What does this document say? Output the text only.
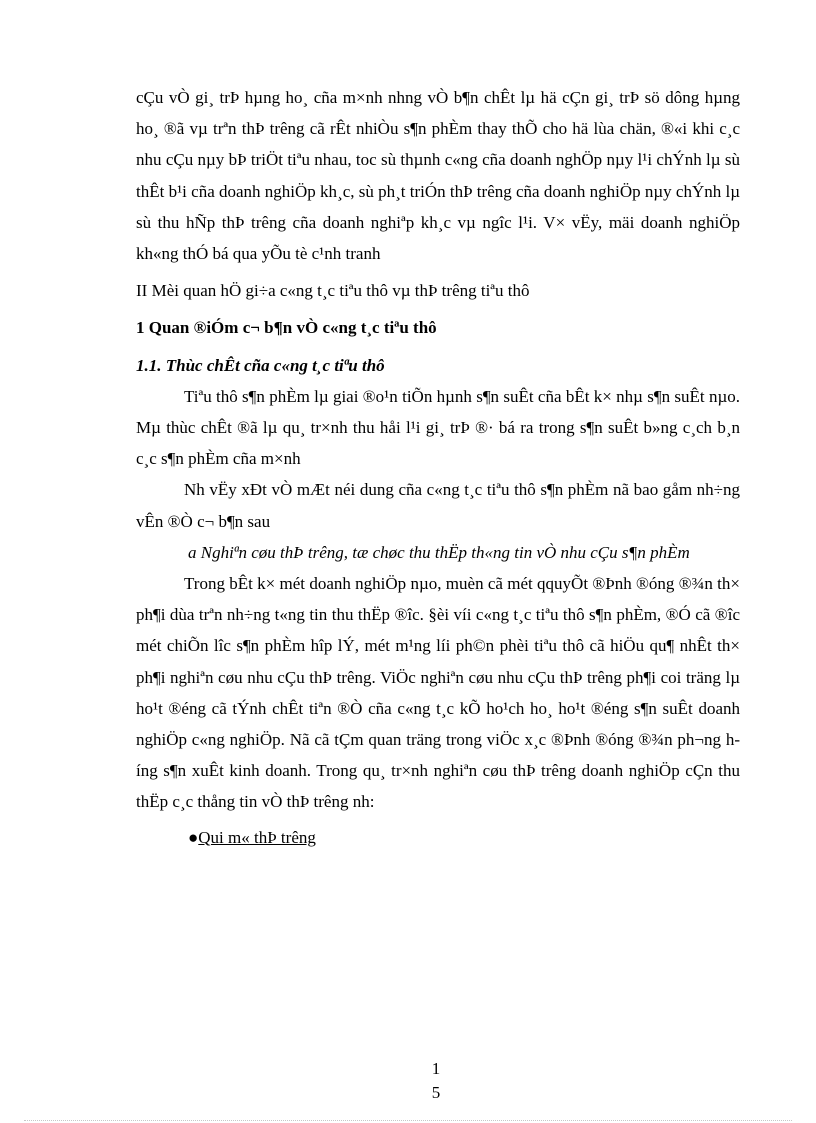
cÇu vÒ gi¸ trÞ hµng ho¸ cña m×nh nhng vÒ b¶n chÊt lµ hä cÇn gi¸ trÞ sö dông hµng ho¸ ®ã vµ trªn thÞ trêng cã rÊt nhiÒu s¶n phÈm thay thÕ cho hä lùa chän, ®«i khi c¸c nhu cÇu nµy bÞ triÖt tiªu nhau, toc sù thµnh c«ng cña doanh nghÖp nµy l¹i chÝnh lµ sù thÊt b¹i cña doanh nghiÖp kh¸c, sù ph¸t triÓn thÞ trêng cña doanh nghiÖp nµy chÝnh lµ sù thu hÑp thÞ trêng cña doanh nghiªp kh¸c vµ ngîc l¹i. V× vËy, mäi doanh nghiÖp kh«ng thÓ bá qua yÕu tè c¹nh tranh

II Mèi quan hÖ gi÷a c«ng t¸c tiªu thô vµ thÞ trêng tiªu thô

1 Quan ®iÓm c¬ b¶n vÒ c«ng t¸c tiªu thô

1.1. Thùc chÊt cña c«ng t¸c tiªu thô

Tiªu thô s¶n phÈm lµ giai ®o¹n tiÕn hµnh s¶n suÊt cña bÊt k× nhµ s¶n suÊt nµo. Mµ thùc chÊt ®ã lµ qu¸ tr×nh thu håi l¹i gi¸ trÞ ®· bá ra trong s¶n suÊt b»ng c¸ch b¸n c¸c s¶n phÈm cña m×nh

Nh vËy xÐt vÒ mÆt néi dung cña c«ng t¸c tiªu thô s¶n phÈm nã bao gåm nh÷ng vÊn ®Ò c¬ b¶n sau

a Nghiªn cøu thÞ trêng, tæ chøc thu thËp th«ng tin vÒ nhu cÇu s¶n phÈm

Trong bÊt k× mét doanh nghiÖp nµo, muèn cã mét qquyÕt ®Þnh ®óng ®¾n th× ph¶i dùa trªn nh÷ng t«ng tin thu thËp ®îc. §èi víi c«ng t¸c tiªu thô s¶n phÈm, ®Ó cã ®îc mét chiÕn lîc s¶n phÈm hîp lÝ, mét m¹ng líi ph©n phèi tiªu thô cã hiÖu qu¶ nhÊt th× ph¶i nghiªn cøu nhu cÇu thÞ trêng. ViÖc nghiªn cøu nhu cÇu thÞ trêng ph¶i coi träng lµ ho¹t ®éng cã tÝnh chÊt tiªn ®Ò cña c«ng t¸c kÕ ho¹ch ho¸ ho¹t ®éng s¶n suÊt doanh nghiÖp c«ng nghiÖp. Nã cã tÇm quan träng trong viÖc x¸c ®Þnh ®óng ®¾n ph¬ng híng s¶n xuÊt kinh doanh. Trong qu¸ tr×nh nghiªn cøu thÞ trêng doanh nghiÖp cÇn thu thËp c¸c thång tin vÒ thÞ trêng nh:

●Qui m« thÞ trêng

1
5
